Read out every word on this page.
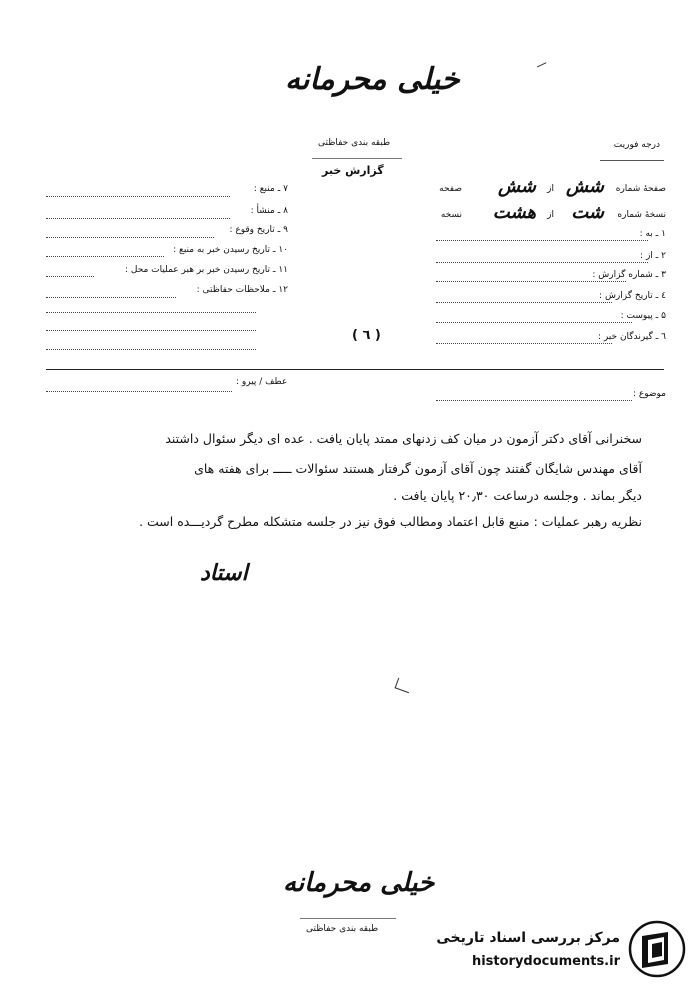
خیلی محرمانه
طبقه بندی حفاظتی
گزارش خبر
درجه فوریت
صفحهٔ شماره
شش
از
شش
صفحه
نسخهٔ شماره
شت
از
هشت
نسخه
۱ ـ به :
۲ ـ از :
۳ ـ شماره گزارش :
٤ ـ تاریخ گزارش :
۵ ـ پیوست :
٦ ـ گیرندگان خبر :
۷ ـ منبع :
۸ ـ منشأ :
۹ ـ تاریخ وقوع :
۱۰ ـ تاریخ رسیدن خبر به منبع :
۱۱ ـ تاریخ رسیدن خبر بر هبر عملیات محل :
۱۲ ـ ملاحظات حفاظتی :
( ٦ )
عطف / پیرو :
موضوع :
سخنرانی آقای دکتر آزمون در میان کف زدنهای ممتد پایان یافت . عده ای دیگر سئوال داشتند
آقای مهندس شایگان گفتند چون آقای آزمون گرفتار هستند سئوالات ـــــ برای هفته های
دیگر بماند . وجلسه درساعت ۲۰٫۳۰ پایان یافت .
نظریه رهبر عملیات : منبع قابل اعتماد ومطالب فوق نیز در جلسه متشکله مطرح گردیـــده است .
استاد
خیلی محرمانه
طبقه بندی حفاظتی
مرکز بررسی اسناد تاریخی
historydocuments.ir
